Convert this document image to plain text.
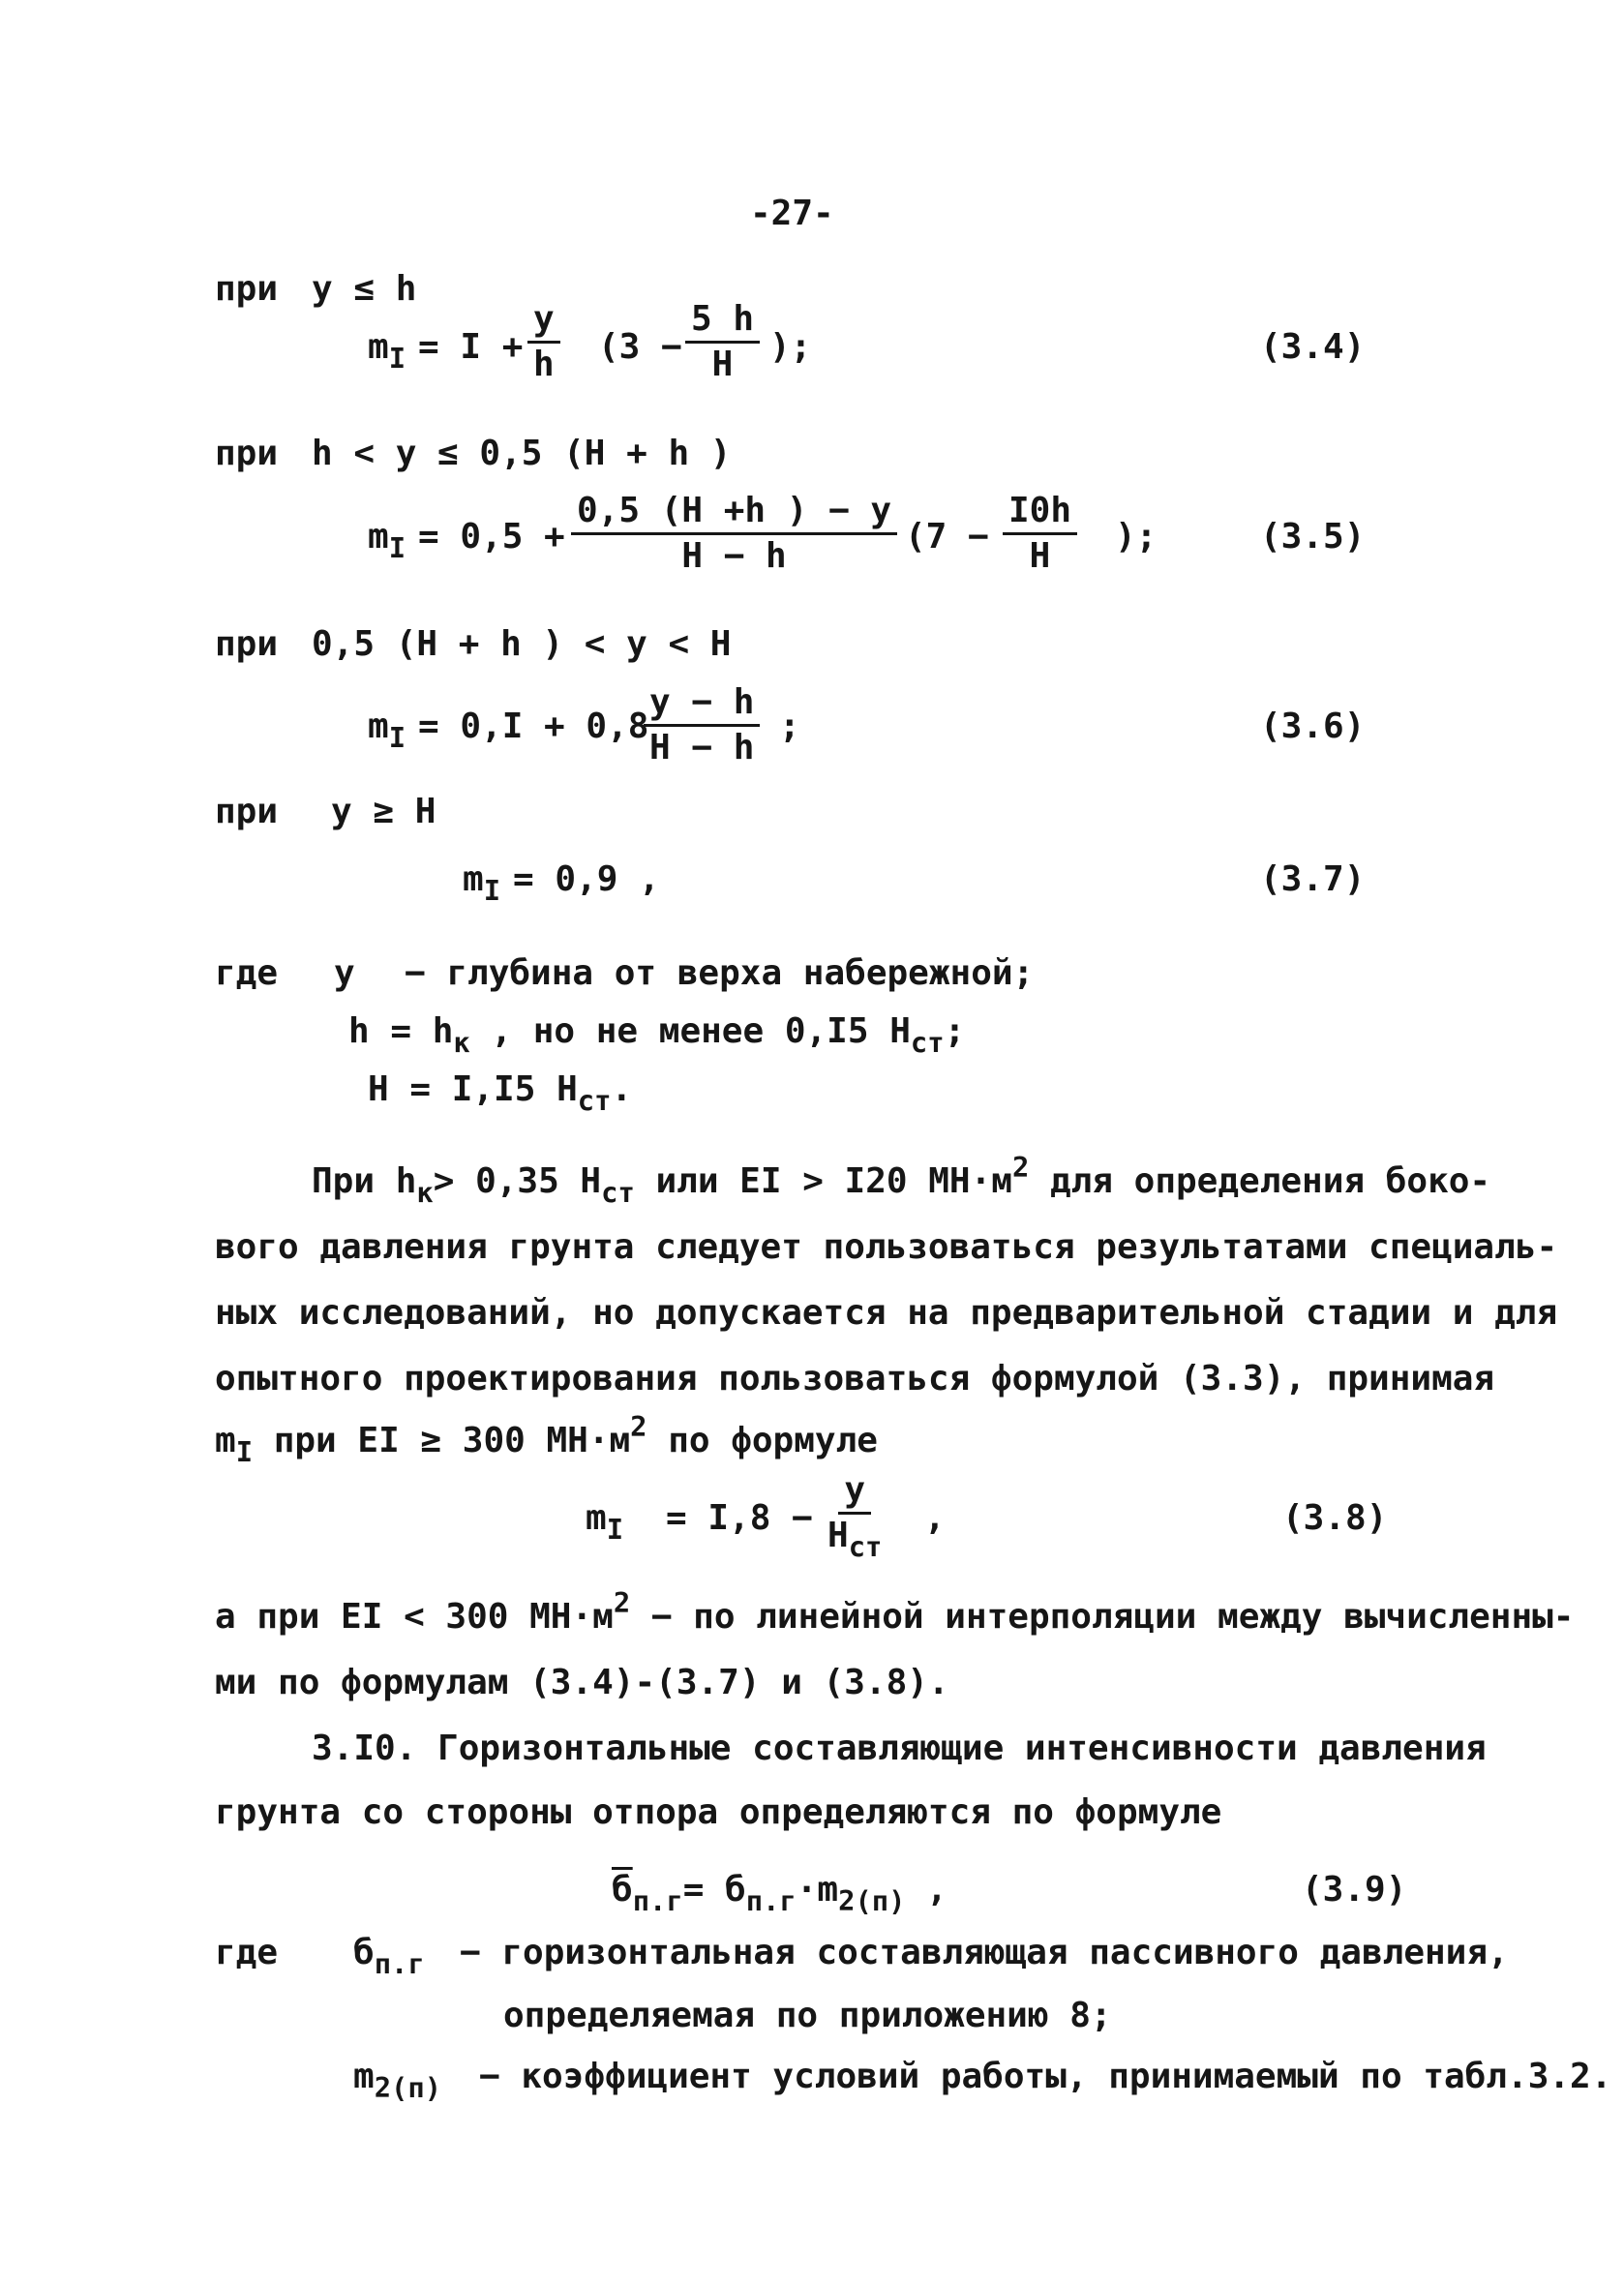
-27-
при y ≤ h
$m_I = I + \frac{y}{h} (3 - \frac{5 h}{H}$ );	(3.4)
при h < y ≤ 0,5 (H + h )
$m_I = 0,5 + \frac{0,5 (H +h ) - y}{H - h} (7 - \frac{I0h}{H}$ );	(3.5)
при 0,5 (H + h ) < y < H
$m_I = 0,I + 0,8$
$\frac{y - h}{H - h}$ ;	(3.6)
при y ≥ H
$m_I = 0,9$ ,	(3.7)
где y − глубина от верха набережной;
$h = h_к$ , но не менее 0,I5 $H_{ст}$;
H = I,I5 $H_{ст}$.
При $h_к> 0,35$ $H_{ст}$ или EI > I20 $МН\cdot м^2$ для определения боко-
вого давления грунта следует пользоваться результатами специаль-
ных исследований, но допускается на предварительной стадии и для
опытного проектирования пользоваться формулой (3.3), принимая
$m_I$ при EI ≥ 300 $МН\cdot м^2$ по формуле
$m_I = I,8$ −
y
$H_{ст}$
,	(3.8)
а при EI < 300 $МН\cdot м^2$ − по линейной интерполяции между вычисленны-
ми по формулам (3.4)-(3.7) и (3.8).
3.I0. Горизонтальные составляющие интенсивности давления
грунта со стороны отпора определяются по формуле
$б_{п.г}= б_{п.г}\cdot m_{2(п)}$ ,	(3.9)
где $б_{п.г}$ − горизонтальная составляющая пассивного давления,
определяемая по приложению 8;
$m_{2(п)}$ − коэффициент условий работы, принимаемый по табл.3.2.
